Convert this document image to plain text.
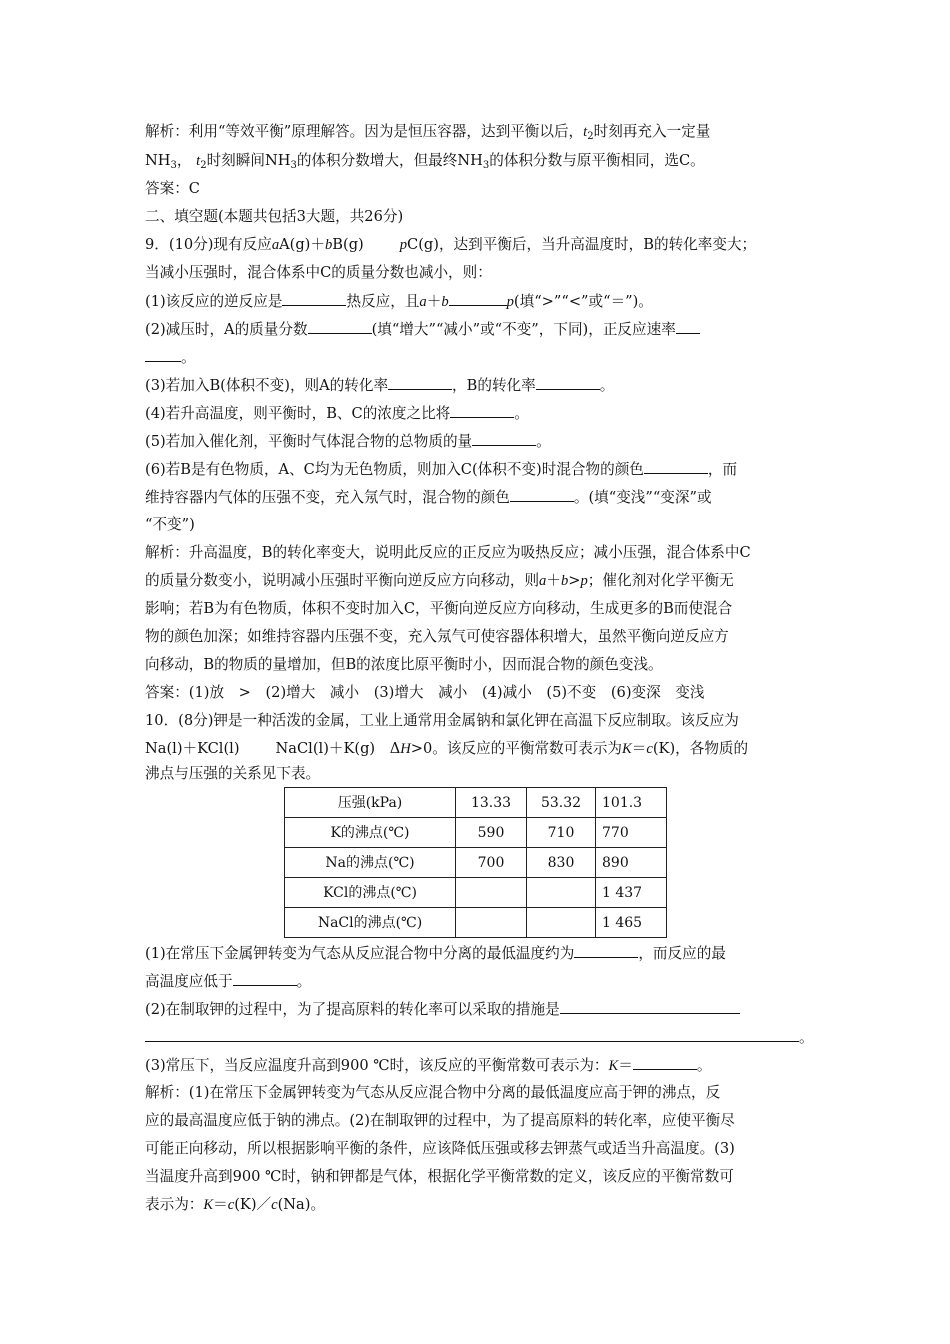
解析：利用“等效平衡”原理解答。因为是恒压容器，达到平衡以后，$t_2$时刻再充入一定量
$NH_3$， $t_2$时刻瞬间$NH_3$的体积分数增大，但最终$NH_3$的体积分数与原平衡相同，选C。
答案：C
二、填空题(本题共包括3大题，共26分)
9．(10分)现有反应aA(g)＋bB(g) pC(g)，达到平衡后，当升高温度时，B的转化率变大；
当减小压强时，混合体系中C的质量分数也减小，则：
(1)该反应的逆反应是	热反应，且a＋b	p(填“>”“<”或“＝”)。
(2)减压时，A的质量分数	(填“增大”“减小”或“不变”，下同)，正反应速率
。
(3)若加入B(体积不变)，则A的转化率	，B的转化率	。
(4)若升高温度，则平衡时，B、C的浓度之比将	。
(5)若加入催化剂，平衡时气体混合物的总物质的量	。
(6)若B是有色物质，A、C均为无色物质，则加入C(体积不变)时混合物的颜色	，而
维持容器内气体的压强不变，充入氖气时，混合物的颜色	。(填“变浅”“变深”或
“不变”)
解析：升高温度，B的转化率变大，说明此反应的正反应为吸热反应；减小压强，混合体系中C
的质量分数变小，说明减小压强时平衡向逆反应方向移动，则a＋b>p；催化剂对化学平衡无
影响；若B为有色物质，体积不变时加入C，平衡向逆反应方向移动，生成更多的B而使混合
物的颜色加深；如维持容器内压强不变，充入氖气可使容器体积增大，虽然平衡向逆反应方
向移动，B的物质的量增加，但B的浓度比原平衡时小，因而混合物的颜色变浅。
答案：(1)放　>　(2)增大　减小　(3)增大　减小　(4)减小　(5)不变　(6)变深　变浅
10．(8分)钾是一种活泼的金属，工业上通常用金属钠和氯化钾在高温下反应制取。该反应为
Na(l)＋KCl(l) NaCl(l)＋K(g)　ΔH>0。该反应的平衡常数可表示为K＝c(K)，各物质的
沸点与压强的关系见下表。
压强(kPa)	13.33	53.32	101.3
K的沸点(℃)	590	710	770
Na的沸点(℃)	700	830	890
KCl的沸点(℃)			1 437
NaCl的沸点(℃)			1 465
(1)在常压下金属钾转变为气态从反应混合物中分离的最低温度约为	，而反应的最
高温度应低于	。
(2)在制取钾的过程中，为了提高原料的转化率可以采取的措施是
。
(3)常压下，当反应温度升高到900 ℃时，该反应的平衡常数可表示为：K＝	。
解析：(1)在常压下金属钾转变为气态从反应混合物中分离的最低温度应高于钾的沸点，反
应的最高温度应低于钠的沸点。(2)在制取钾的过程中，为了提高原料的转化率，应使平衡尽
可能正向移动，所以根据影响平衡的条件，应该降低压强或移去钾蒸气或适当升高温度。(3)
当温度升高到900 ℃时，钠和钾都是气体，根据化学平衡常数的定义，该反应的平衡常数可
表示为：K＝c(K)／c(Na)。
